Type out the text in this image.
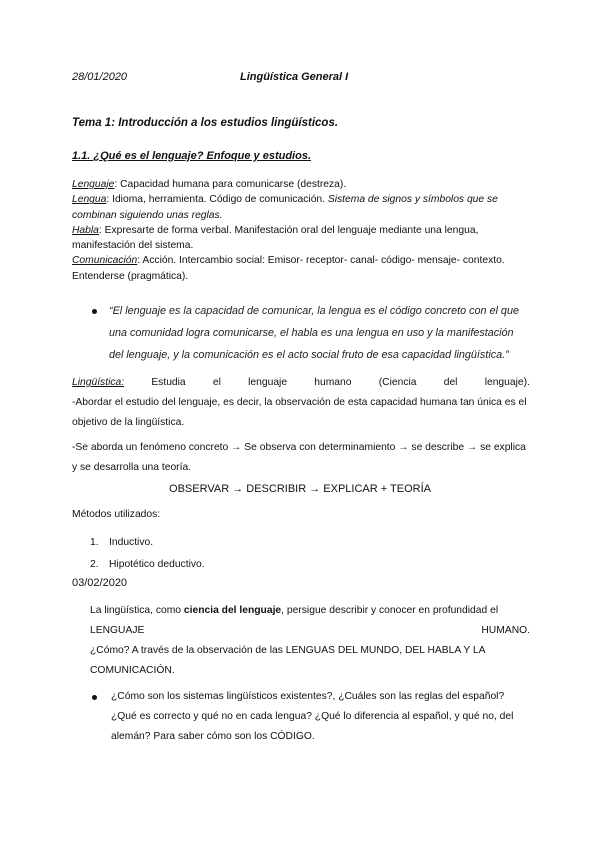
28/01/2020	Lingüística General I
Tema 1: Introducción a los estudios lingüísticos.
1.1. ¿Qué es el lenguaje? Enfoque y estudios.

Lenguaje: Capacidad humana para comunicarse (destreza).

Lengua: Idioma, herramienta. Código de comunicación. Sistema de signos y símbolos que se combinan siguiendo unas reglas.

Habla: Expresarte de forma verbal. Manifestación oral del lenguaje mediante una lengua, manifestación del sistema.

Comunicación: Acción. Intercambio social: Emisor- receptor- canal- código- mensaje- contexto.

Entenderse (pragmática).

“El lenguaje es la capacidad de comunicar, la lengua es el código concreto con el que una comunidad logra comunicarse, el habla es una lengua en uso y la manifestación del lenguaje, y la comunicación es el acto social fruto de esa capacidad lingüística.”
Lingüística:	Estudia	el	lenguaje	humano	(Ciencia	del	lenguaje).

-Abordar el estudio del lenguaje, es decir, la observación de esta capacidad humana tan única es el objetivo de la lingüística.

-Se aborda un fenómeno concreto → Se observa con determinamiento → se describe → se explica y se desarrolla una teoría.

OBSERVAR → DESCRIBIR → EXPLICAR + TEORÍA
Métodos utilizados:
1. Inductivo.
2. Hipotético deductivo.
03/02/2020

La lingüística, como ciencia del lenguaje, persigue describir y conocer en profundidad el

LENGUAJE	HUMANO.

¿Cómo? A través de la observación de las LENGUAS DEL MUNDO, DEL HABLA Y LA COMUNICACIÓN.

¿Cómo son los sistemas lingüísticos existentes?, ¿Cuáles son las reglas del español? ¿Qué es correcto y qué no en cada lengua? ¿Qué lo diferencia al español, y qué no, del alemán? Para saber cómo son los CÓDIGO.
